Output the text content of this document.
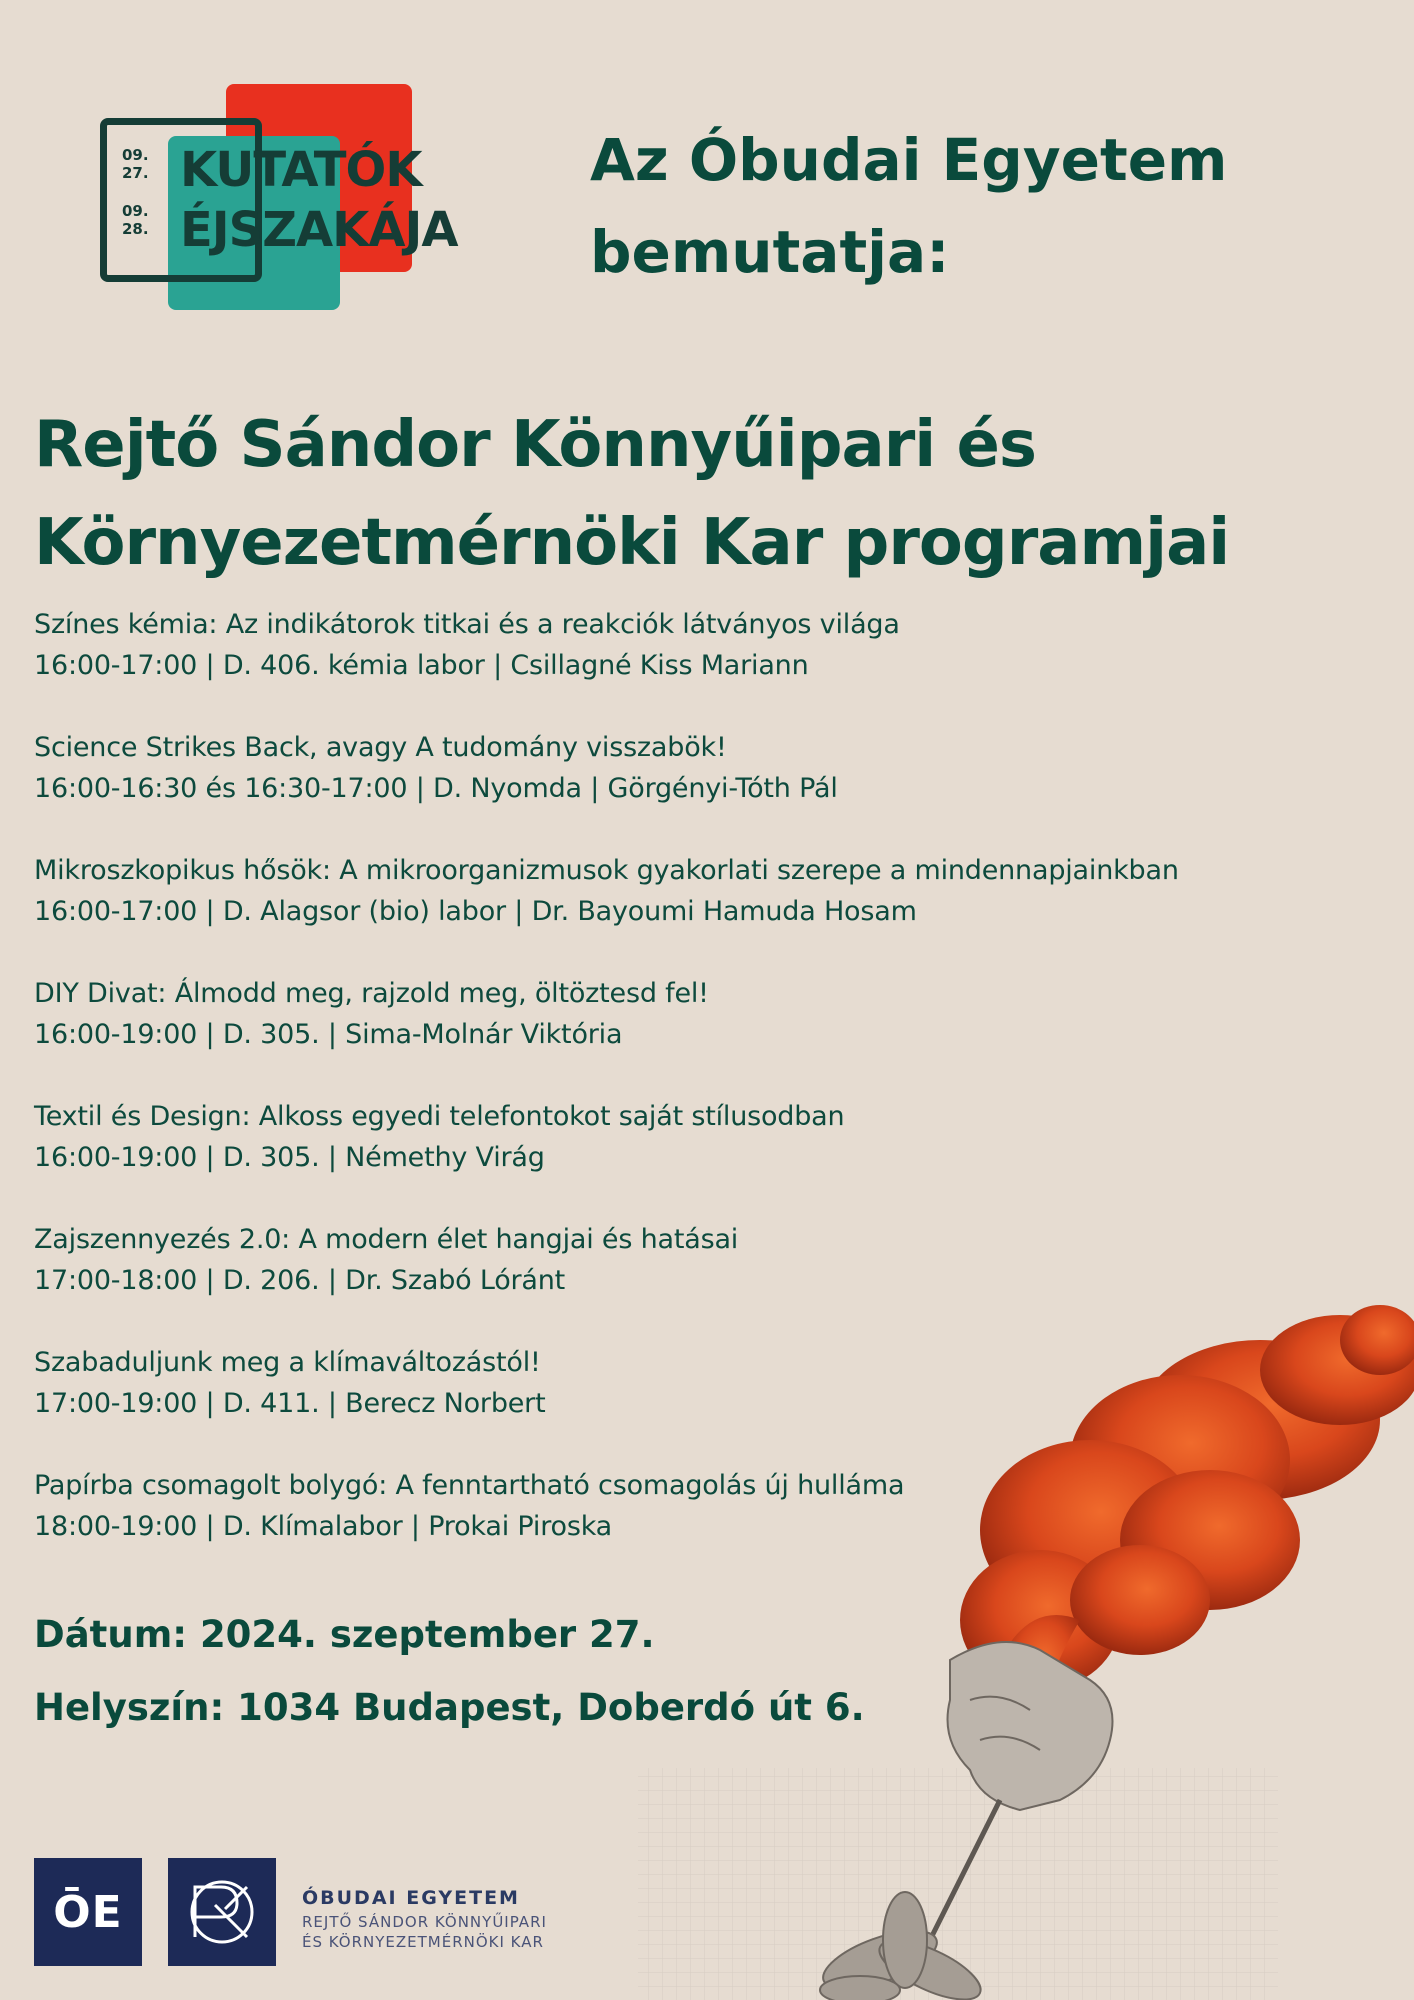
09.
27.
09.
28.
KUTATÓK
ÉJSZAKÁJA
Az Óbudai Egyetem
bemutatja:
Rejtő Sándor Könnyűipari és
Környezetmérnöki Kar programjai
Színes kémia: Az indikátorok titkai és a reakciók látványos világa
16:00-17:00 | D. 406. kémia labor | Csillagné Kiss Mariann
Science Strikes Back, avagy A tudomány visszabök!
16:00-16:30 és 16:30-17:00 | D. Nyomda | Görgényi-Tóth Pál
Mikroszkopikus hősök: A mikroorganizmusok gyakorlati szerepe a mindennapjainkban
16:00-17:00 | D. Alagsor (bio) labor | Dr. Bayoumi Hamuda Hosam
DIY Divat: Álmodd meg, rajzold meg, öltöztesd fel!
16:00-19:00 | D. 305. | Sima-Molnár Viktória
Textil és Design: Alkoss egyedi telefontokot saját stílusodban
16:00-19:00 | D. 305. | Némethy Virág
Zajszennyezés 2.0: A modern élet hangjai és hatásai
17:00-18:00 | D. 206. | Dr. Szabó Lóránt
Szabaduljunk meg a klímaváltozástól!
17:00-19:00 | D. 411. | Berecz Norbert
Papírba csomagolt bolygó: A fenntartható csomagolás új hulláma
18:00-19:00 | D. Klímalabor | Prokai Piroska
Dátum: 2024. szeptember 27.
Helyszín: 1034 Budapest, Doberdó út 6.
ŌE	ÓBUDAI EGYETEM
REJTŐ SÁNDOR KÖNNYŰIPARI
ÉS KÖRNYEZETMÉRNÖKI KAR
